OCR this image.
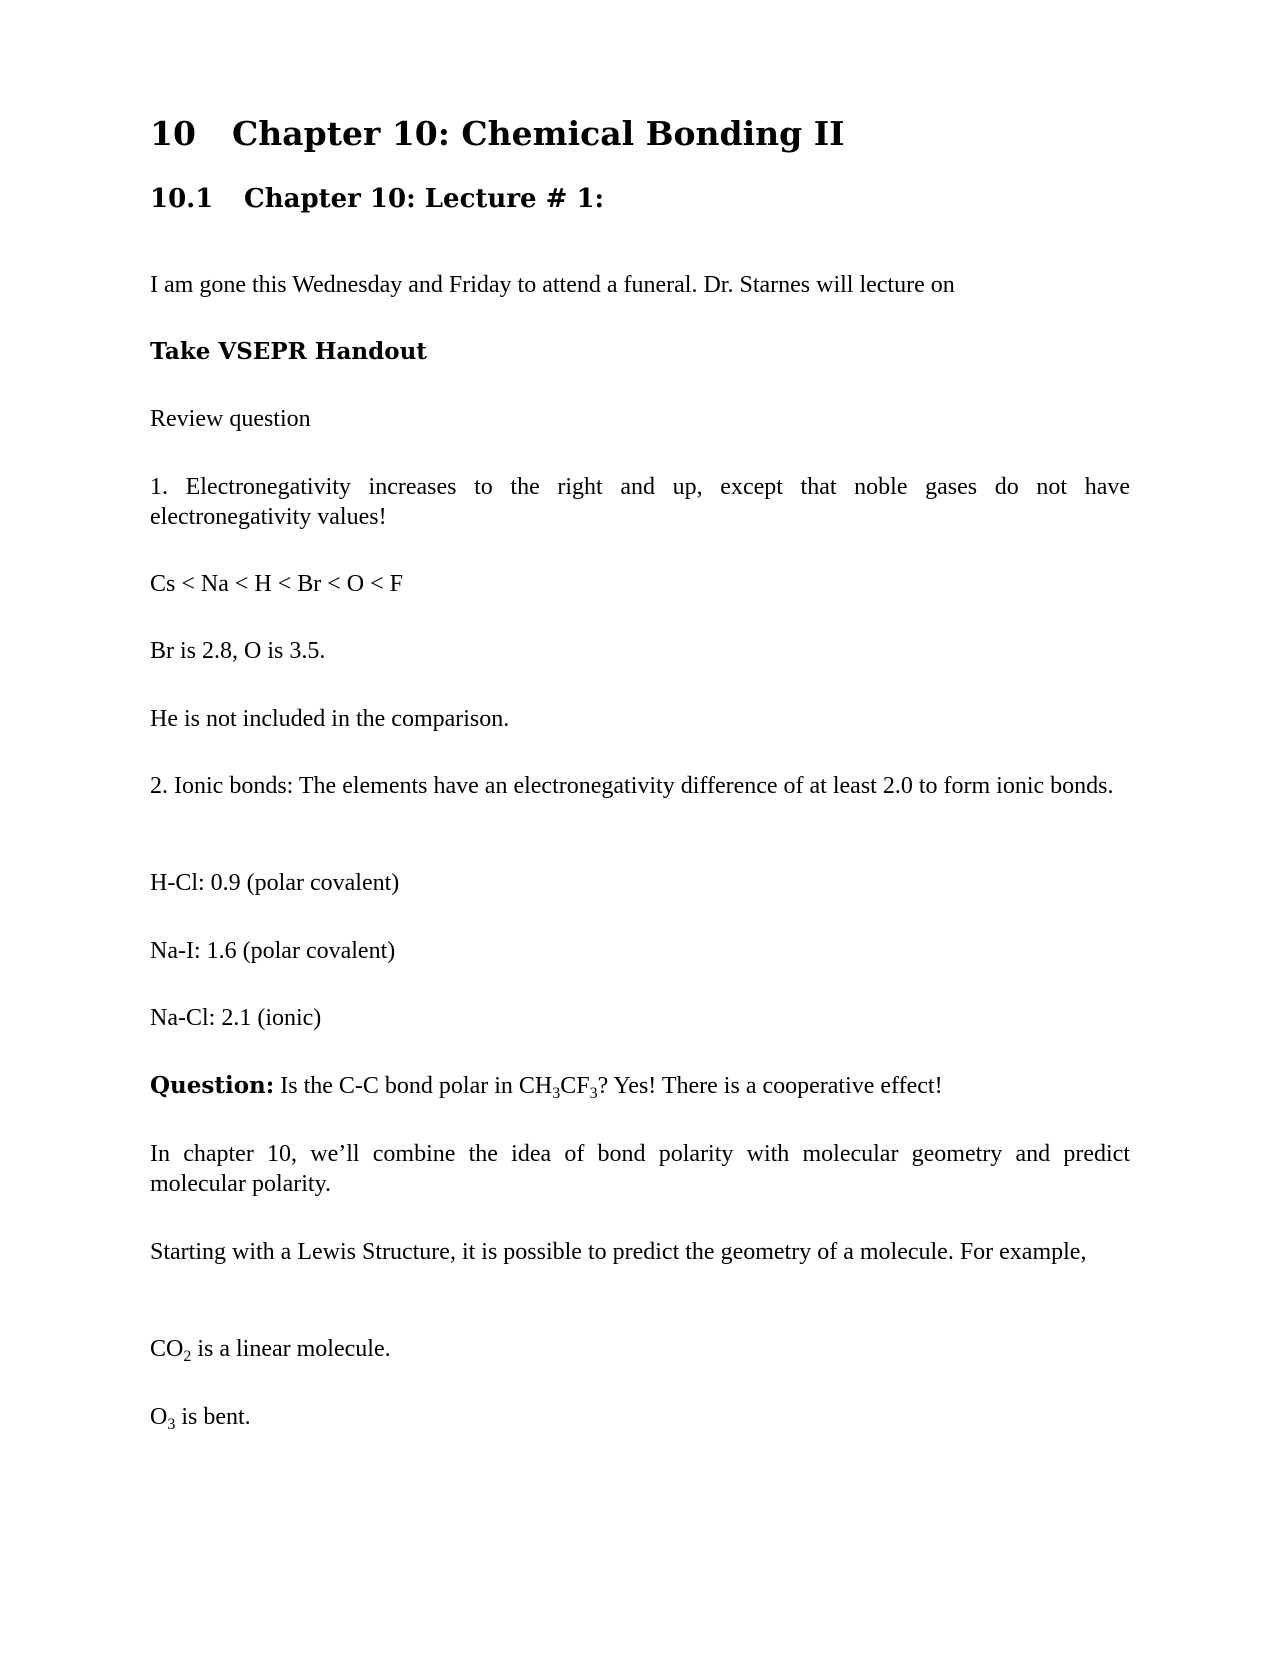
10 Chapter 10: Chemical Bonding II
10.1 Chapter 10: Lecture # 1:
I am gone this Wednesday and Friday to attend a funeral. Dr. Starnes will lecture on
Take VSEPR Handout
Review question
1. Electronegativity increases to the right and up, except that noble gases do not have electronegativity values!
Cs < Na < H < Br < O < F
Br is 2.8, O is 3.5.
He is not included in the comparison.
2. Ionic bonds: The elements have an electronegativity difference of at least 2.0 to form ionic bonds.
H-Cl: 0.9 (polar covalent)
Na-I: 1.6 (polar covalent)
Na-Cl: 2.1 (ionic)
Question: Is the C-C bond polar in $CH_3CF_3$? Yes! There is a cooperative effect!
In chapter 10, we’ll combine the idea of bond polarity with molecular geometry and predict molecular polarity.
Starting with a Lewis Structure, it is possible to predict the geometry of a molecule. For example,
$CO_2$ is a linear molecule.
$O_3$ is bent.
